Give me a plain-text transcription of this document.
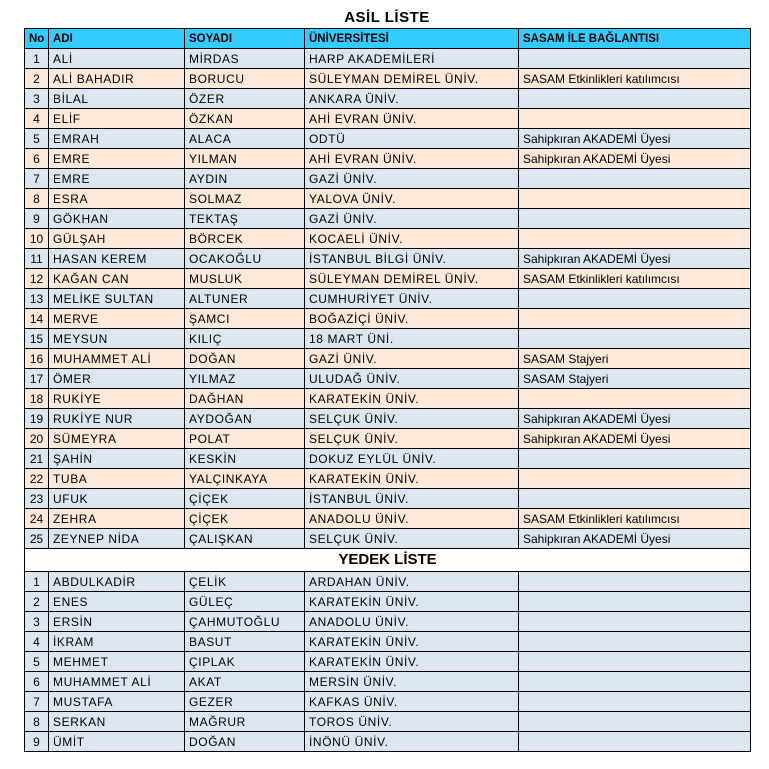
ASİL LİSTE
No	ADI	SOYADI	ÜNİVERSİTESİ	SASAM İLE BAĞLANTISI
1	ALİ	MİRDAS	HARP AKADEMİLERİ	
2	ALİ BAHADIR	BORUCU	SÜLEYMAN DEMİREL ÜNİV.	SASAM Etkinlikleri katılımcısı
3	BİLAL	ÖZER	ANKARA ÜNİV.	
4	ELİF	ÖZKAN	AHİ EVRAN ÜNİV.	
5	EMRAH	ALACA	ODTÜ	Sahipkıran AKADEMİ Üyesi
6	EMRE	YILMAN	AHİ EVRAN ÜNİV.	Sahipkıran AKADEMİ Üyesi
7	EMRE	AYDIN	GAZİ ÜNİV.	
8	ESRA	SOLMAZ	YALOVA ÜNİV.	
9	GÖKHAN	TEKTAŞ	GAZİ ÜNİV.	
10	GÜLŞAH	BÖRCEK	KOCAELİ ÜNİV.	
11	HASAN KEREM	OCAKOĞLU	İSTANBUL BİLGİ ÜNİV.	Sahipkıran AKADEMİ Üyesi
12	KAĞAN CAN	MUSLUK	SÜLEYMAN DEMİREL ÜNİV.	SASAM Etkinlikleri katılımcısı
13	MELİKE SULTAN	ALTUNER	CUMHURİYET ÜNİV.	
14	MERVE	ŞAMCI	BOĞAZİÇİ ÜNİV.	
15	MEYSUN	KILIÇ	18 MART ÜNİ.	
16	MUHAMMET ALİ	DOĞAN	GAZİ ÜNİV.	SASAM Stajyeri
17	ÖMER	YILMAZ	ULUDAĞ ÜNİV.	SASAM Stajyeri
18	RUKİYE	DAĞHAN	KARATEKİN ÜNİV.	
19	RUKİYE NUR	AYDOĞAN	SELÇUK ÜNİV.	Sahipkıran AKADEMİ Üyesi
20	SÜMEYRA	POLAT	SELÇUK ÜNİV.	Sahipkıran AKADEMİ Üyesi
21	ŞAHİN	KESKİN	DOKUZ EYLÜL ÜNİV.	
22	TUBA	YALÇINKAYA	KARATEKİN ÜNİV.	
23	UFUK	ÇİÇEK	İSTANBUL ÜNİV.	
24	ZEHRA	ÇİÇEK	ANADOLU ÜNİV.	SASAM Etkinlikleri katılımcısı
25	ZEYNEP NİDA	ÇALIŞKAN	SELÇUK ÜNİV.	Sahipkıran AKADEMİ Üyesi
YEDEK LİSTE				
1	ABDULKADİR	ÇELİK	ARDAHAN ÜNİV.	
2	ENES	GÜLEÇ	KARATEKİN ÜNİV.	
3	ERSİN	ÇAHMUTOĞLU	ANADOLU ÜNİV.	
4	İKRAM	BASUT	KARATEKİN ÜNİV.	
5	MEHMET	ÇIPLAK	KARATEKİN ÜNİV.	
6	MUHAMMET ALİ	AKAT	MERSİN ÜNİV.	
7	MUSTAFA	GEZER	KAFKAS ÜNİV.	
8	SERKAN	MAĞRUR	TOROS ÜNİV.	
9	ÜMİT	DOĞAN	İNÖNÜ ÜNİV.	
